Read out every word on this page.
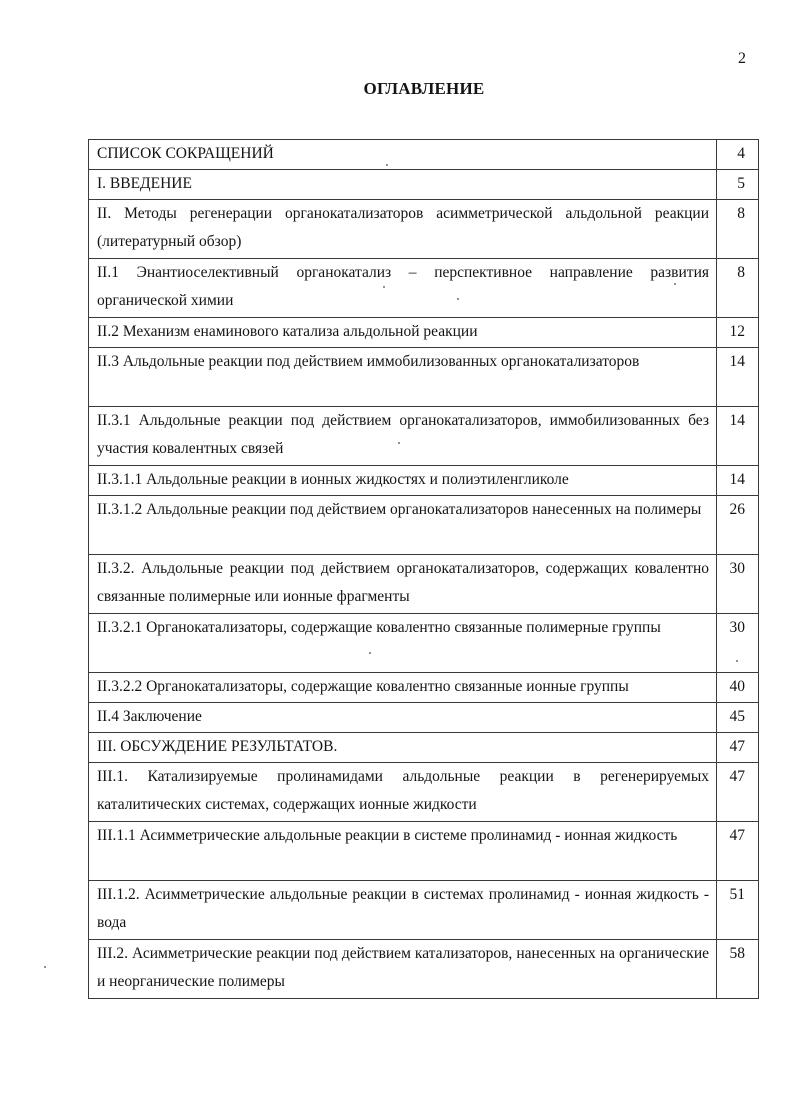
2
ОГЛАВЛЕНИЕ
СПИСОК СОКРАЩЕНИЙ	4
I. ВВЕДЕНИЕ	5
II. Методы регенерации органокатализаторов асимметрической альдольной реакции (литературный обзор)	8
II.1 Энантиоселективный органокатализ – перспективное направление развития органической химии	8
II.2 Механизм енаминового катализа альдольной реакции	12
II.3 Альдольные реакции под действием иммобилизованных органокатализаторов	14
II.3.1 Альдольные реакции под действием органокатализаторов, иммобилизованных без участия ковалентных связей	14
II.3.1.1 Альдольные реакции в ионных жидкостях и полиэтиленгликоле	14
II.3.1.2 Альдольные реакции под действием органокатализаторов нанесенных на полимеры	26
II.3.2. Альдольные реакции под действием органокатализаторов, содержащих ковалентно связанные полимерные или ионные фрагменты	30
II.3.2.1 Органокатализаторы, содержащие ковалентно связанные полимерные группы	30
II.3.2.2 Органокатализаторы, содержащие ковалентно связанные ионные группы	40
II.4 Заключение	45
III. ОБСУЖДЕНИЕ РЕЗУЛЬТАТОВ.	47
III.1. Катализируемые пролинамидами альдольные реакции в регенерируемых каталитических системах, содержащих ионные жидкости	47
III.1.1 Асимметрические альдольные реакции в системе пролинамид - ионная жидкость	47
III.1.2. Асимметрические альдольные реакции в системах пролинамид - ионная жидкость - вода	51
III.2. Асимметрические реакции под действием катализаторов, нанесенных на органические и неорганические полимеры	58
